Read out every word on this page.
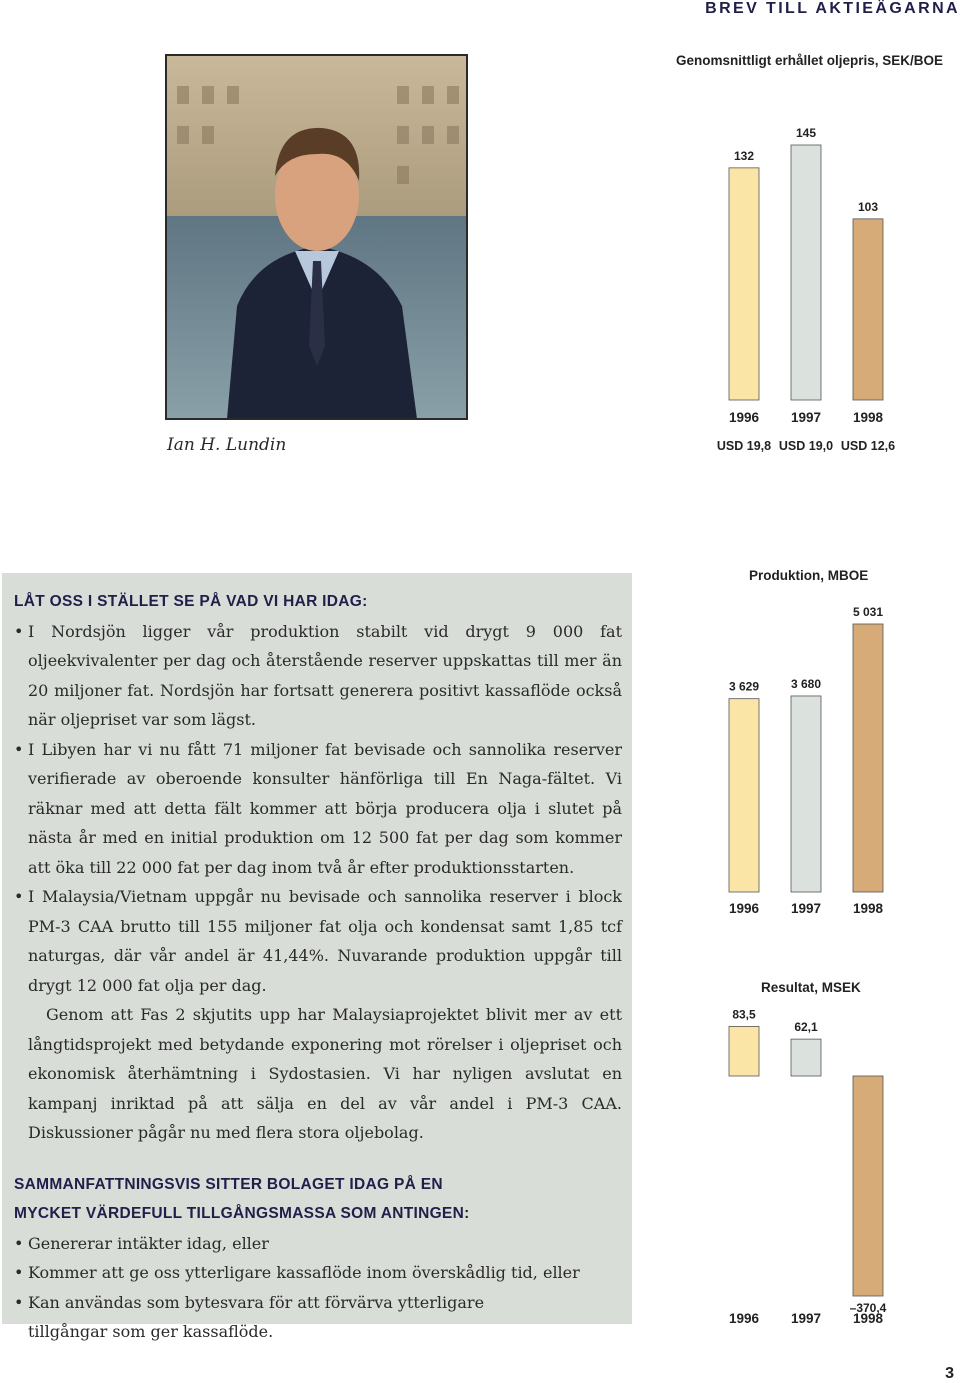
BREV TILL AKTIEÄGARNA
Ian H. Lundin
Genomsnittligt erhållet oljepris, SEK/BOE
132
1996
USD 19,8
145
1997
USD 19,0
103
1998
USD 12,6
Produktion, MBOE
3 629
1996
3 680
1997
5 031
1998
Resultat, MSEK
83,5
1996
62,1
1997
–370,4
1998
LÅT OSS I STÄLLET SE PÅ VAD VI HAR IDAG:
• I Nordsjön ligger vår produktion stabilt vid drygt 9 000 fat oljeekvivalenter per dag och återstående reserver uppskattas till mer än 20 miljoner fat. Nordsjön har fortsatt generera positivt kassaflöde också när oljepriset var som lägst.
• I Libyen har vi nu fått 71 miljoner fat bevisade och sannolika reserver verifierade av oberoende konsulter hänförliga till En Naga-fältet. Vi räknar med att detta fält kommer att börja producera olja i slutet på nästa år med en initial produktion om 12 500 fat per dag som kommer att öka till 22 000 fat per dag inom två år efter produktionsstarten.
• I Malaysia/Vietnam uppgår nu bevisade och sannolika reserver i block PM-3 CAA brutto till 155 miljoner fat olja och kondensat samt 1,85 tcf naturgas, där vår andel är 41,44%. Nuvarande produktion uppgår till drygt 12 000 fat olja per dag.
Genom att Fas 2 skjutits upp har Malaysiaprojektet blivit mer av ett långtidsprojekt med betydande exponering mot rörelser i oljepriset och ekonomisk återhämtning i Sydostasien. Vi har nyligen avslutat en kampanj inriktad på att sälja en del av vår andel i PM-3 CAA. Diskussioner pågår nu med flera stora oljebolag.
SAMMANFATTNINGSVIS SITTER BOLAGET IDAG PÅ EN
MYCKET VÄRDEFULL TILLGÅNGSMASSA SOM ANTINGEN:
• Genererar intäkter idag, eller
• Kommer att ge oss ytterligare kassaflöde inom överskådlig tid, eller
• Kan användas som bytesvara för att förvärva ytterligare tillgångar som ger kassaflöde.
3
